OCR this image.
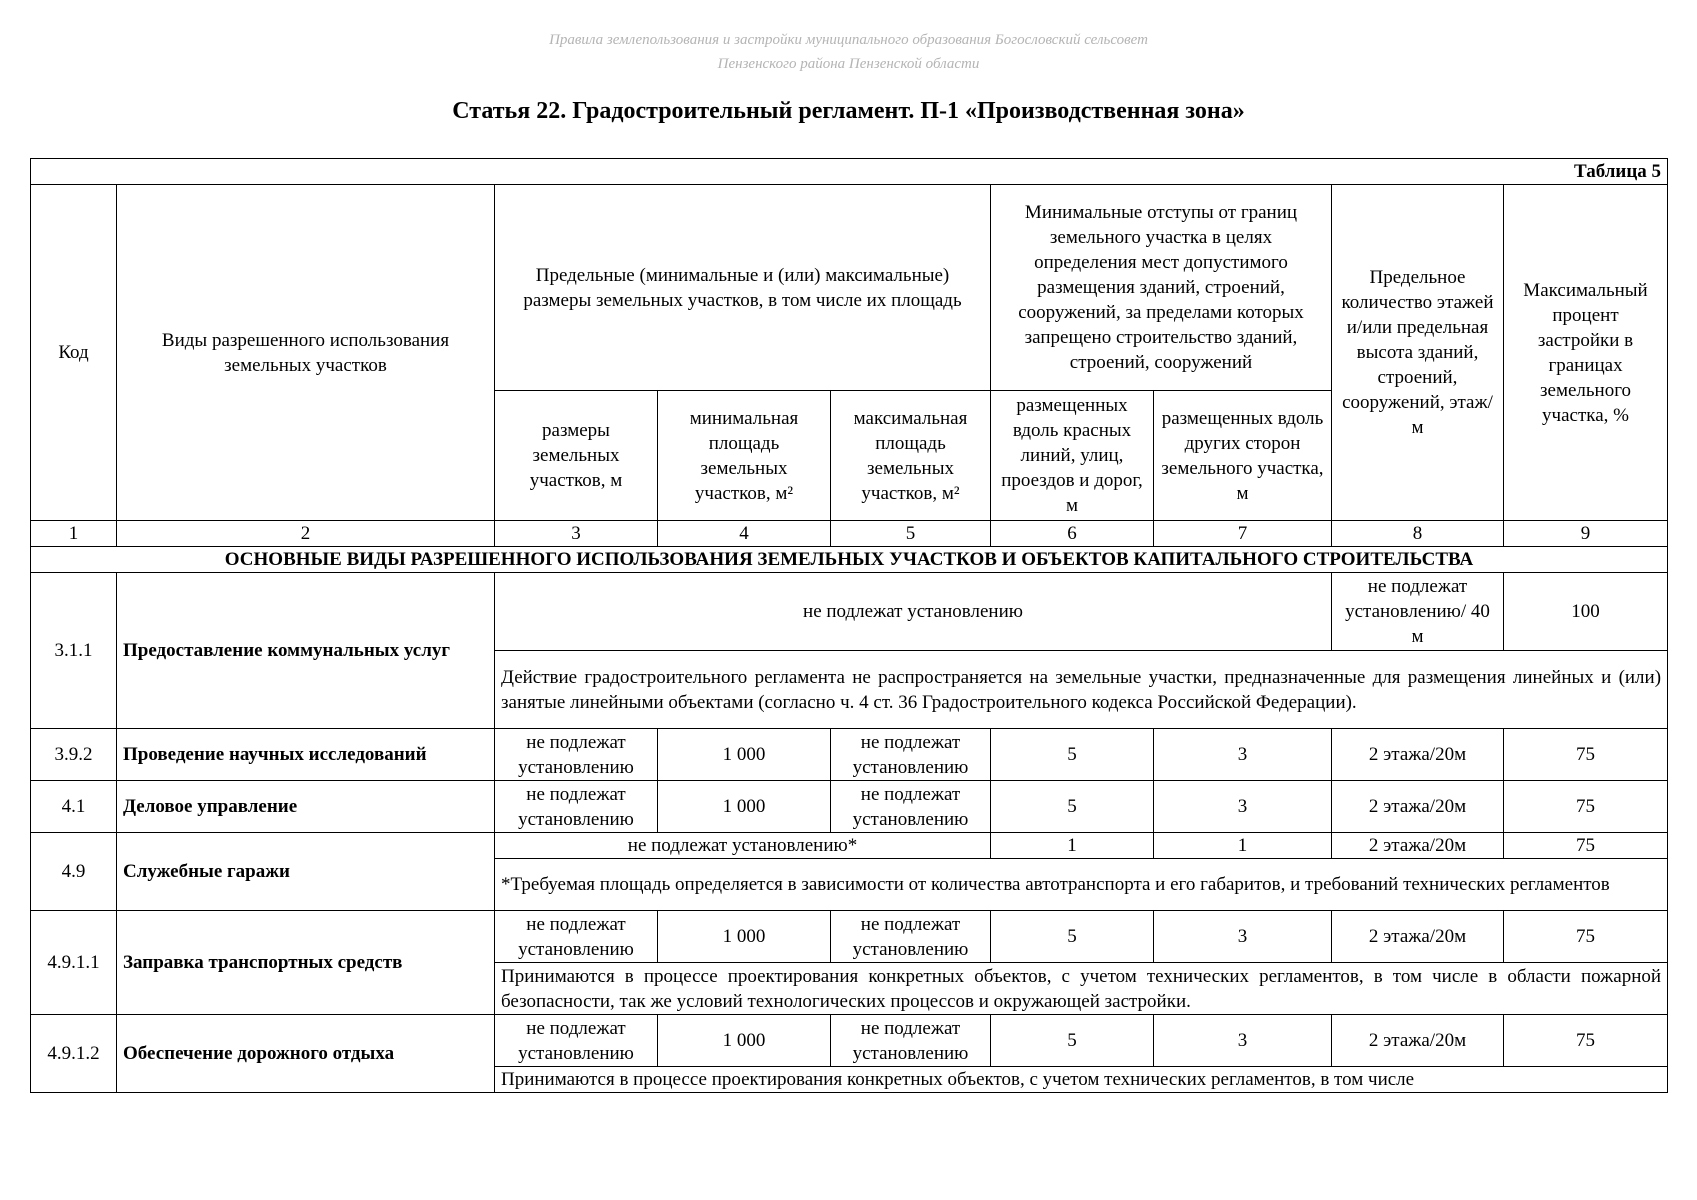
Правила землепользования и застройки муниципального образования Богословский сельсовет
Пензенского района Пензенской области
Статья 22. Градостроительный регламент. П-1 «Производственная зона»
Таблица 5								
Код	Виды разрешенного использования земельных участков	Предельные (минимальные и (или) максимальные) размеры земельных участков, в том числе их площадь			Минимальные отступы от границ земельного участка в целях определения мест допустимого размещения зданий, строений, сооружений, за пределами которых запрещено строительство зданий, строений, сооружений		Предельное количество этажей и/или предельная высота зданий, строений, сооружений, этаж/м	Максимальный процент застройки в границах земельного участка, %
		размеры земельных участков, м	минимальная площадь земельных участков, м²	максимальная площадь земельных участков, м²	размещенных вдоль красных линий, улиц, проездов и дорог, м	размещенных вдоль других сторон земельного участка, м		
1	2	3	4	5	6	7	8	9
ОСНОВНЫЕ ВИДЫ РАЗРЕШЕННОГО ИСПОЛЬЗОВАНИЯ ЗЕМЕЛЬНЫХ УЧАСТКОВ И ОБЪЕКТОВ КАПИТАЛЬНОГО СТРОИТЕЛЬСТВА								
3.1.1	Предоставление коммунальных услуг	не подлежат установлению					не подлежат установлению/ 40 м	100
		Действие градостроительного регламента не распространяется на земельные участки, предназначенные для размещения линейных и (или) занятые линейными объектами (согласно ч. 4 ст. 36 Градостроительного кодекса Российской Федерации).						
3.9.2	Проведение научных исследований	не подлежат установлению	1 000	не подлежат установлению	5	3	2 этажа/20м	75
4.1	Деловое управление	не подлежат установлению	1 000	не подлежат установлению	5	3	2 этажа/20м	75
4.9	Служебные гаражи	не подлежат установлению*			1	1	2 этажа/20м	75
		*Требуемая площадь определяется в зависимости от количества автотранспорта и его габаритов, и требований технических регламентов						
4.9.1.1	Заправка транспортных средств	не подлежат установлению	1 000	не подлежат установлению	5	3	2 этажа/20м	75
		Принимаются в процессе проектирования конкретных объектов, с учетом технических регламентов, в том числе в области пожарной безопасности, так же условий технологических процессов и окружающей застройки.						
4.9.1.2	Обеспечение дорожного отдыха	не подлежат установлению	1 000	не подлежат установлению	5	3	2 этажа/20м	75
		Принимаются в процессе проектирования конкретных объектов, с учетом технических регламентов, в том числе						
